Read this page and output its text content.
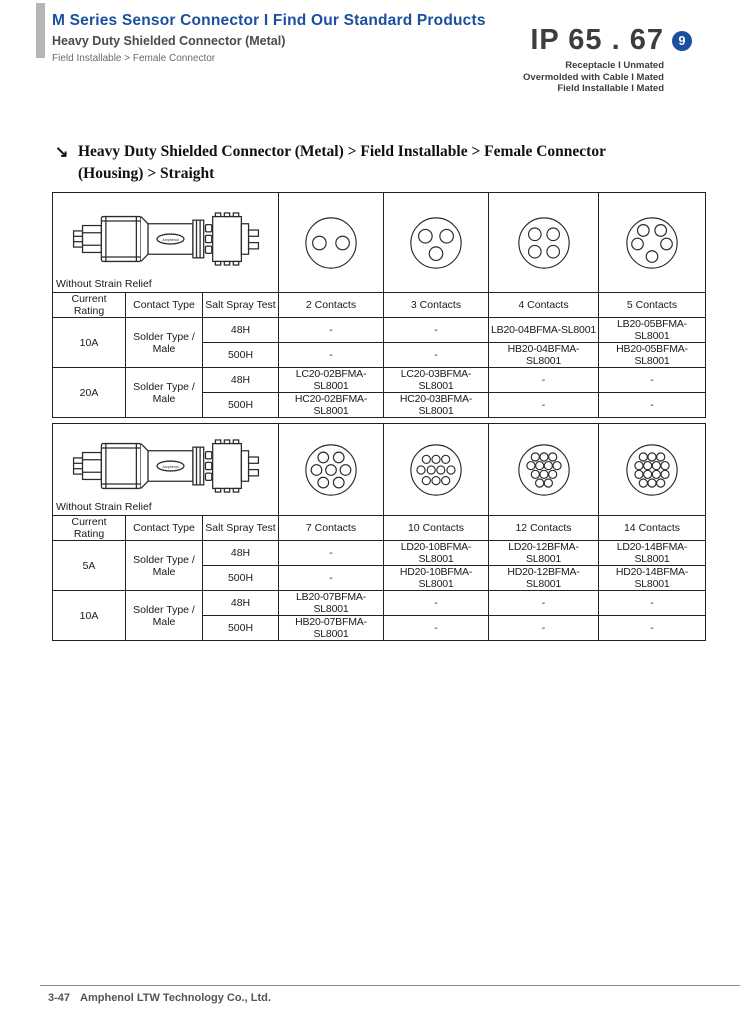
M Series Sensor Connector I Find Our Standard Products
Heavy Duty Shielded Connector (Metal)
Field Installable > Female Connector
IP 65 . 67 9
Receptacle I Unmated
Overmolded with Cable I Mated
Field Installable I Mated
↘ Heavy Duty Shielded Connector (Metal) > Field Installable > Female Connector
(Housing) > Straight
Amphenol
Without Strain Relief

Current Rating	Contact Type	Salt Spray Test	2 Contacts	3 Contacts	4 Contacts	5 Contacts
10A	Solder Type / Male	48H	-	-	LB20-04BFMA-SL8001	LB20-05BFMA-SL8001
		500H	-	-	HB20-04BFMA-SL8001	HB20-05BFMA-SL8001
20A	Solder Type / Male	48H	LC20-02BFMA-SL8001	LC20-03BFMA-SL8001	-	-
		500H	HC20-02BFMA-SL8001	HC20-03BFMA-SL8001	-	-
Amphenol
Without Strain Relief

Current Rating	Contact Type	Salt Spray Test	7 Contacts	10 Contacts	12 Contacts	14 Contacts
5A	Solder Type / Male	48H	-	LD20-10BFMA-SL8001	LD20-12BFMA-SL8001	LD20-14BFMA-SL8001
		500H	-	HD20-10BFMA-SL8001	HD20-12BFMA-SL8001	HD20-14BFMA-SL8001
10A	Solder Type / Male	48H	LB20-07BFMA-SL8001	-	-	-
		500H	HB20-07BFMA-SL8001	-	-	-
3-47 Amphenol LTW Technology Co., Ltd.
